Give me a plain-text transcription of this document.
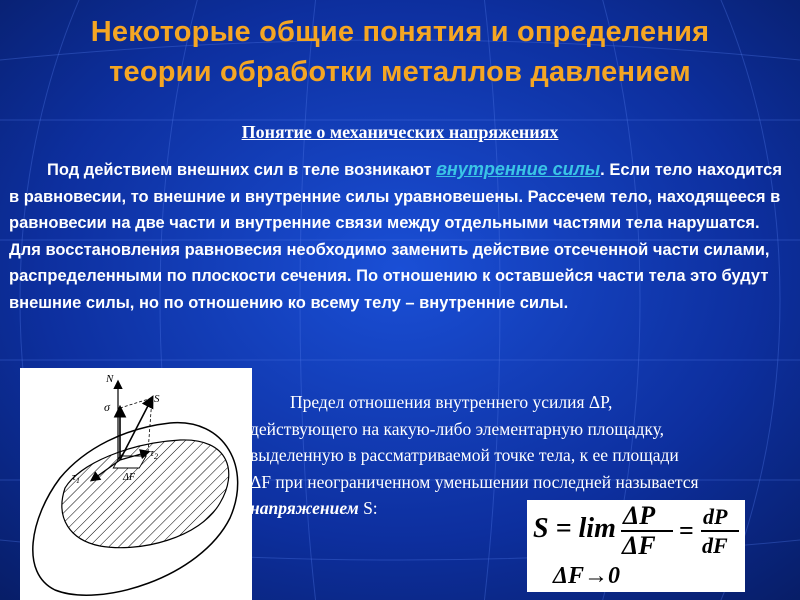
Некоторые общие понятия и определения
теории обработки металлов давлением
Понятие о механических напряжениях

Под действием внешних сил в теле возникают внутренние силы. Если тело находится в равновесии, то внешние и внутренние силы уравновешены. Рассечем тело, находящееся в равновесии на две части и внутренние связи между отдельными частями тела нарушатся. Для восстановления равновесия необходимо заменить действие отсеченной части силами, распределенными по плоскости сечения. По отношению к оставшейся части тела это будут внешние силы, но по отношению ко всему телу – внутренние силы.

N
σ
S
$\tau_2$
$\tau_1$	ΔF
Предел отношения внутреннего усилия ΔP,
действующего на какую-либо элементарную площадку,
выделенную в рассматриваемой точке тела, к ее площади
ΔF при неограниченном уменьшении последней называется
напряжением S:
S = lim ΔP
ΔF
= dP
dF
ΔF→0
